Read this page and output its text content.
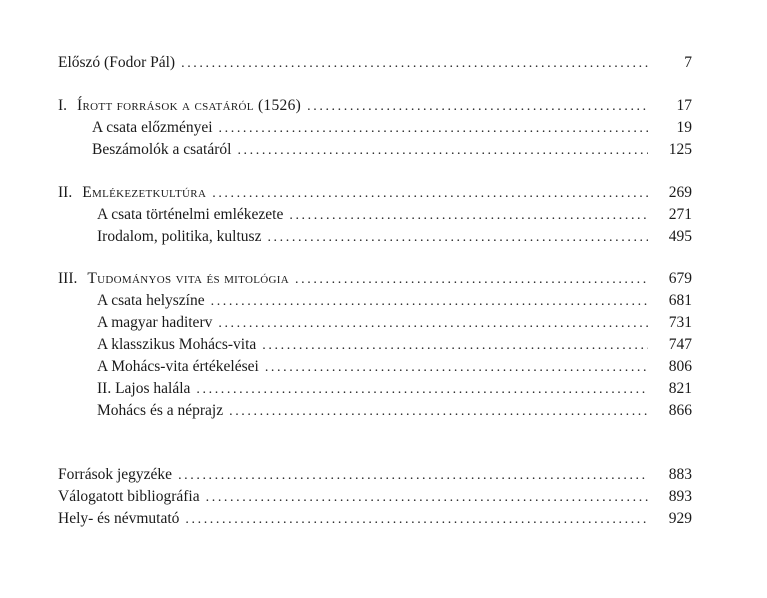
Előszó (Fodor Pál) .....	7
I. Írott források a csatáról (1526) .....	17
A csata előzményei .....	19
Beszámolók a csatáról .....	125
II. Emlékezetkultúra .....	269
A csata történelmi emlékezete .....	271
Irodalom, politika, kultusz .....	495
III. Tudományos vita és mitológia .....	679
A csata helyszíne .....	681
A magyar haditerv .....	731
A klasszikus Mohács-vita .....	747
A Mohács-vita értékelései .....	806
II. Lajos halála .....	821
Mohács és a néprajz .....	866
Források jegyzéke .....	883
Válogatott bibliográfia .....	893
Hely- és névmutató .....	929
